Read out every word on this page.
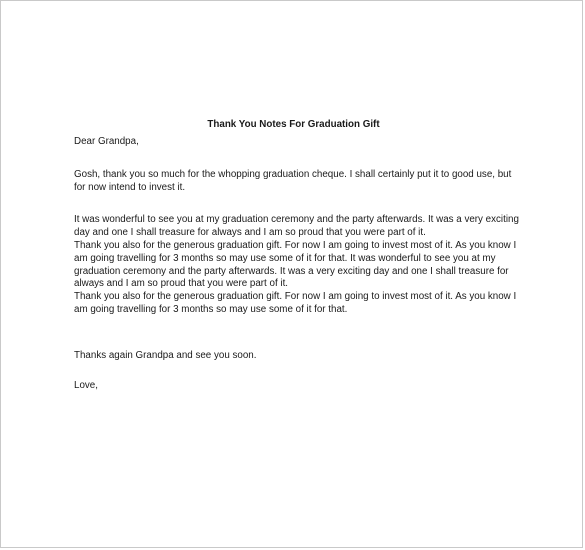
Thank You Notes For Graduation Gift

Dear Grandpa,

Gosh, thank you so much for the whopping graduation cheque. I shall certainly put it to good use, but for now intend to invest it.

It was wonderful to see you at my graduation ceremony and the party afterwards. It was a very exciting day and one I shall treasure for always and I am so proud that you were part of it.

Thank you also for the generous graduation gift. For now I am going to invest most of it. As you know I am going travelling for 3 months so may use some of it for that. It was wonderful to see you at my graduation ceremony and the party afterwards. It was a very exciting day and one I shall treasure for always and I am so proud that you were part of it.

Thank you also for the generous graduation gift. For now I am going to invest most of it. As you know I am going travelling for 3 months so may use some of it for that.

Thanks again Grandpa and see you soon.

Love,
